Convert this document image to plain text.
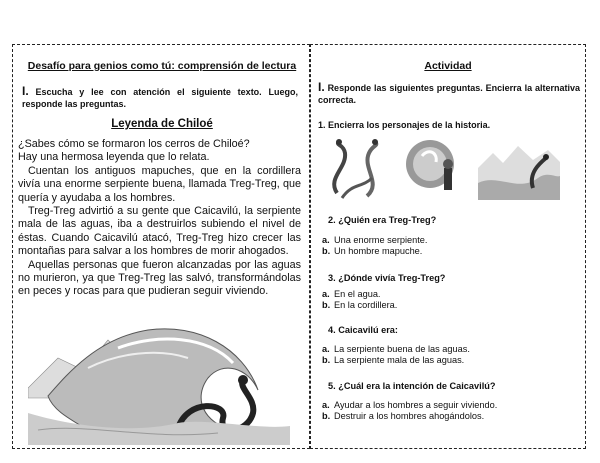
Desafío para genios como tú: comprensión de lectura
I. Escucha y lee con atención el siguiente texto. Luego, responde las preguntas.
Leyenda de Chiloé

¿Sabes cómo se formaron los cerros de Chiloé?

Hay una hermosa leyenda que lo relata.

Cuentan los antiguos mapuches, que en la cordillera vivía una enorme serpiente buena, llamada Treg-Treg, que quería y ayudaba a los hombres.

Treg-Treg advirtió a su gente que Caicavilú, la serpiente mala de las aguas, iba a destruirlos subiendo el nivel de éstas. Cuando Caicavilú atacó, Treg-Treg hizo crecer las montañas para salvar a los hombres de morir ahogados.

Aquellas personas que fueron alcanzadas por las aguas no murieron, ya que Treg-Treg las salvó, transformándolas en peces y rocas para que pudieran seguir viviendo.

Actividad
I. Responde las siguientes preguntas. Encierra la alternativa correcta.
1. Encierra los personajes de la historia.
2. ¿Quién era Treg-Treg?
a. Una enorme serpiente.
b. Un hombre mapuche.
3. ¿Dónde vivía Treg-Treg?
a. En el agua.
b. En la cordillera.
4. Caicavilú era:
a. La serpiente buena de las aguas.
b. La serpiente mala de las aguas.
5. ¿Cuál era la intención de Caicavilú?
a. Ayudar a los hombres a seguir viviendo.
b. Destruir a los hombres ahogándolos.
